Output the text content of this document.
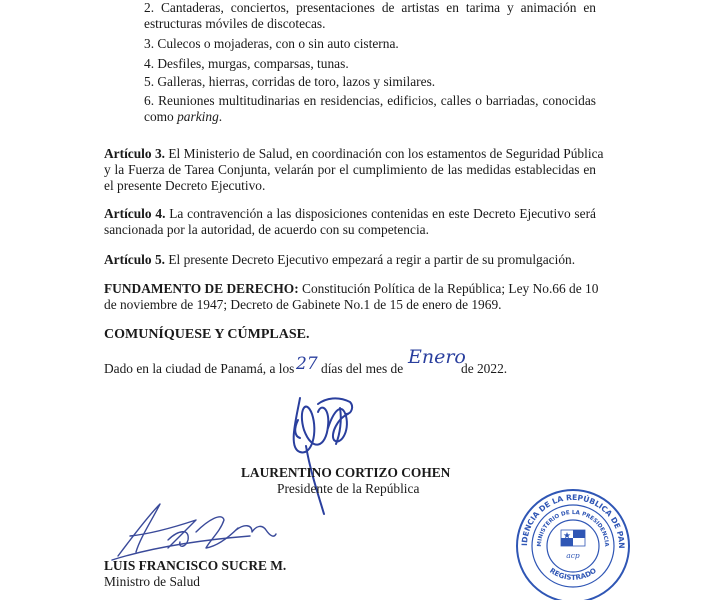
2. Cantaderas, conciertos, presentaciones de artistas en tarima y animación en
estructuras móviles de discotecas.
3. Culecos o mojaderas, con o sin auto cisterna.
4. Desfiles, murgas, comparsas, tunas.
5. Galleras, hierras, corridas de toro, lazos y similares.
6. Reuniones multitudinarias en residencias, edificios, calles o barriadas, conocidas
como parking.
Artículo 3. El Ministerio de Salud, en coordinación con los estamentos de Seguridad Pública
y la Fuerza de Tarea Conjunta, velarán por el cumplimiento de las medidas establecidas en
el presente Decreto Ejecutivo.
Artículo 4. La contravención a las disposiciones contenidas en este Decreto Ejecutivo será
sancionada por la autoridad, de acuerdo con su competencia.
Artículo 5. El presente Decreto Ejecutivo empezará a regir a partir de su promulgación.
FUNDAMENTO DE DERECHO: Constitución Política de la República; Ley No.66 de 10
de noviembre de 1947; Decreto de Gabinete No.1 de 15 de enero de 1969.
COMUNÍQUESE Y CÚMPLASE.
Dado en la ciudad de Panamá, a los 27 días del mes de
Enero
de 2022.
LAURENTINO CORTIZO COHEN
Presidente de la República
LUIS FRANCISCO SUCRE M.
Ministro de Salud
PRESIDENCIA DE LA REPÚBLICA DE PANAMÁ
MINISTERIO DE LA PRESIDENCIA
REGISTRADO
acp
